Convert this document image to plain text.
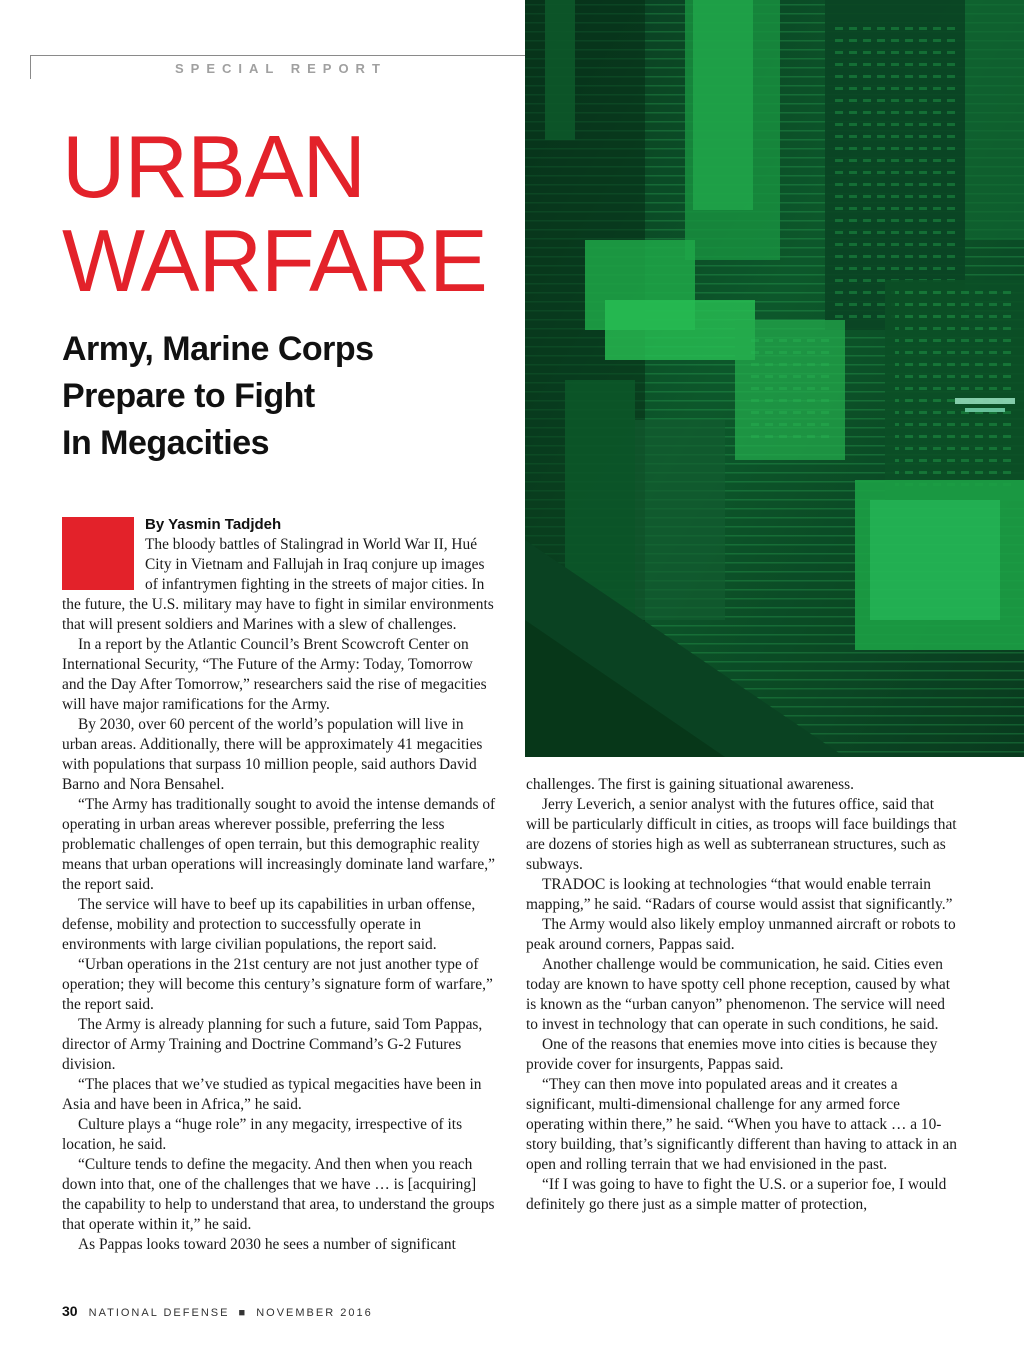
SPECIAL REPORT
URBAN
WARFARE
Army, Marine Corps
Prepare to Fight
In Megacities
By Yasmin Tadjdeh

The bloody battles of Stalingrad in World War II, Hué City in Vietnam and Fallujah in Iraq conjure up images of infantrymen fighting in the streets of major cities. In the future, the U.S. military may have to fight in similar environments that will present soldiers and Marines with a slew of challenges.

In a report by the Atlantic Council’s Brent Scowcroft Center on International Security, “The Future of the Army: Today, Tomorrow and the Day After Tomorrow,” researchers said the rise of megacities will have major ramifications for the Army.

By 2030, over 60 percent of the world’s population will live in urban areas. Additionally, there will be approximately 41 megacities with populations that surpass 10 million people, said authors David Barno and Nora Bensahel.

“The Army has traditionally sought to avoid the intense demands of operating in urban areas wherever possible, preferring the less problematic challenges of open terrain, but this demographic reality means that urban operations will increasingly dominate land warfare,” the report said.

The service will have to beef up its capabilities in urban offense, defense, mobility and protection to successfully operate in environments with large civilian populations, the report said.

“Urban operations in the 21st century are not just another type of operation; they will become this century’s signature form of warfare,” the report said.

The Army is already planning for such a future, said Tom Pappas, director of Army Training and Doctrine Command’s G-2 Futures division.

“The places that we’ve studied as typical megacities have been in Asia and have been in Africa,” he said.

Culture plays a “huge role” in any megacity, irrespective of its location, he said.

“Culture tends to define the megacity. And then when you reach down into that, one of the challenges that we have … is [acquiring] the capability to help to understand that area, to understand the groups that operate within it,” he said.

As Pappas looks toward 2030 he sees a number of significant

challenges. The first is gaining situational awareness.

Jerry Leverich, a senior analyst with the futures office, said that will be particularly difficult in cities, as troops will face buildings that are dozens of stories high as well as subterranean structures, such as subways.

TRADOC is looking at technologies “that would enable terrain mapping,” he said. “Radars of course would assist that significantly.”

The Army would also likely employ unmanned aircraft or robots to peak around corners, Pappas said.

Another challenge would be communication, he said. Cities even today are known to have spotty cell phone reception, caused by what is known as the “urban canyon” phenomenon. The service will need to invest in technology that can operate in such conditions, he said.

One of the reasons that enemies move into cities is because they provide cover for insurgents, Pappas said.

“They can then move into populated areas and it creates a significant, multi-dimensional challenge for any armed force operating within there,” he said. “When you have to attack … a 10-story building, that’s significantly different than having to attack in an open and rolling terrain that we had envisioned in the past.

“If I was going to have to fight the U.S. or a superior foe, I would definitely go there just as a simple matter of protection,

30 NATIONAL DEFENSE ■ NOVEMBER 2016
